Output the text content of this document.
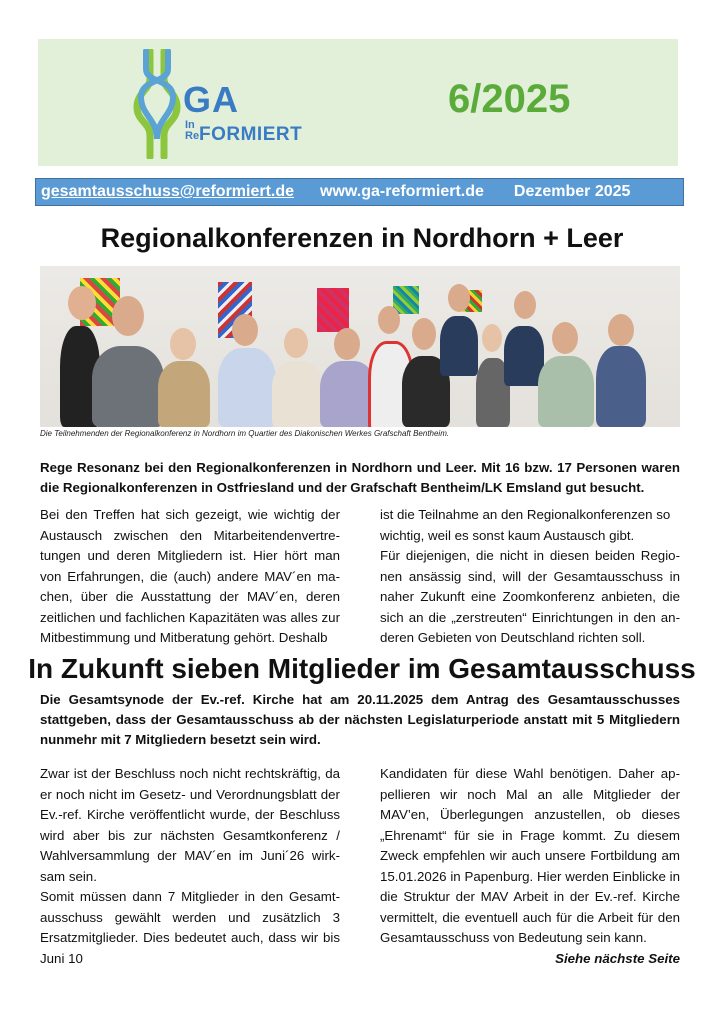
GA
In
Re FORMIERT
6/2025
gesamtausschuss@reformiert.de www.ga-reformiert.de Dezember 2025
Regionalkonferenzen in Nordhorn + Leer
Die Teilnehmenden der Regionalkonferenz in Nordhorn im Quartier des Diakonischen Werkes Grafschaft Bentheim.
Rege Resonanz bei den Regionalkonferenzen in Nordhorn und Leer. Mit 16 bzw. 17 Personen waren die Regionalkonferenzen in Ostfriesland und der Grafschaft Bentheim/LK Emsland gut besucht.

Bei den Treffen hat sich gezeigt, wie wichtig der Austausch zwischen den Mitarbeitendenvertretungen und deren Mitgliedern ist. Hier hört man von Erfahrungen, die (auch) andere MAV´en machen, über die Ausstattung der MAV´en, deren zeitlichen und fachlichen Kapazitäten was alles zur Mitbestimmung und Mitberatung gehört. Deshalb

ist die Teilnahme an den Regionalkonferenzen so wichtig, weil es sonst kaum Austausch gibt.

Für diejenigen, die nicht in diesen beiden Regionen ansässig sind, will der Gesamtausschuss in naher Zukunft eine Zoomkonferenz anbieten, die sich an die „zerstreuten“ Einrichtungen in den anderen Gebieten von Deutschland richten soll.

In Zukunft sieben Mitglieder im Gesamtausschuss
Die Gesamtsynode der Ev.-ref. Kirche hat am 20.11.2025 dem Antrag des Gesamtausschusses stattgeben, dass der Gesamtausschuss ab der nächsten Legislaturperiode anstatt mit 5 Mitgliedern nunmehr mit 7 Mitgliedern besetzt sein wird.

Zwar ist der Beschluss noch nicht rechtskräftig, da er noch nicht im Gesetz- und Verordnungsblatt der Ev.-ref. Kirche veröffentlicht wurde, der Beschluss wird aber bis zur nächsten Gesamtkonferenz / Wahlversammlung der MAV´en im Juni´26 wirksam sein.

Somit müssen dann 7 Mitglieder in den Gesamtausschuss gewählt werden und zusätzlich 3 Ersatzmitglieder. Dies bedeutet auch, dass wir bis Juni 10

Kandidaten für diese Wahl benötigen. Daher appellieren wir noch Mal an alle Mitglieder der MAV’en, Überlegungen anzustellen, ob dieses „Ehrenamt“ für sie in Frage kommt. Zu diesem Zweck empfehlen wir auch unsere Fortbildung am 15.01.2026 in Papenburg. Hier werden Einblicke in die Struktur der MAV Arbeit in der Ev.-ref. Kirche vermittelt, die eventuell auch für die Arbeit für den Gesamtausschuss von Bedeutung sein kann.

Siehe nächste Seite
